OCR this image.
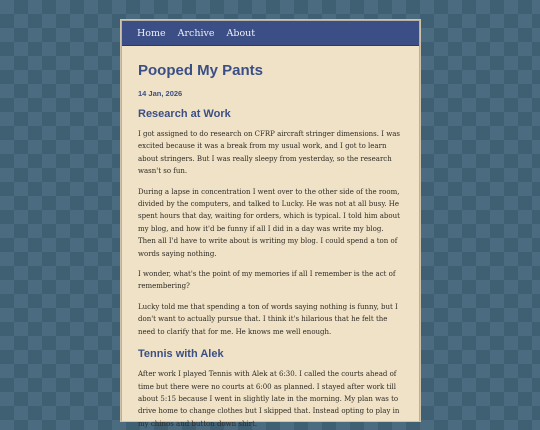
Home Archive About
Pooped My Pants
14 Jan, 2026
Research at Work

I got assigned to do research on CFRP aircraft stringer dimensions. I was excited because it was a break from my usual work, and I got to learn about stringers. But I was really sleepy from yesterday, so the research wasn't so fun.

During a lapse in concentration I went over to the other side of the room, divided by the computers, and talked to Lucky. He was not at all busy. He spent hours that day, waiting for orders, which is typical. I told him about my blog, and how it'd be funny if all I did in a day was write my blog. Then all I'd have to write about is writing my blog. I could spend a ton of words saying nothing.

I wonder, what's the point of my memories if all I remember is the act of remembering?

Lucky told me that spending a ton of words saying nothing is funny, but I don't want to actually pursue that. I think it's hilarious that he felt the need to clarify that for me. He knows me well enough.

Tennis with Alek

After work I played Tennis with Alek at 6:30. I called the courts ahead of time but there were no courts at 6:00 as planned. I stayed after work till about 5:15 because I went in slightly late in the morning. My plan was to drive home to change clothes but I skipped that. Instead opting to play in my chinos and button down shirt.
